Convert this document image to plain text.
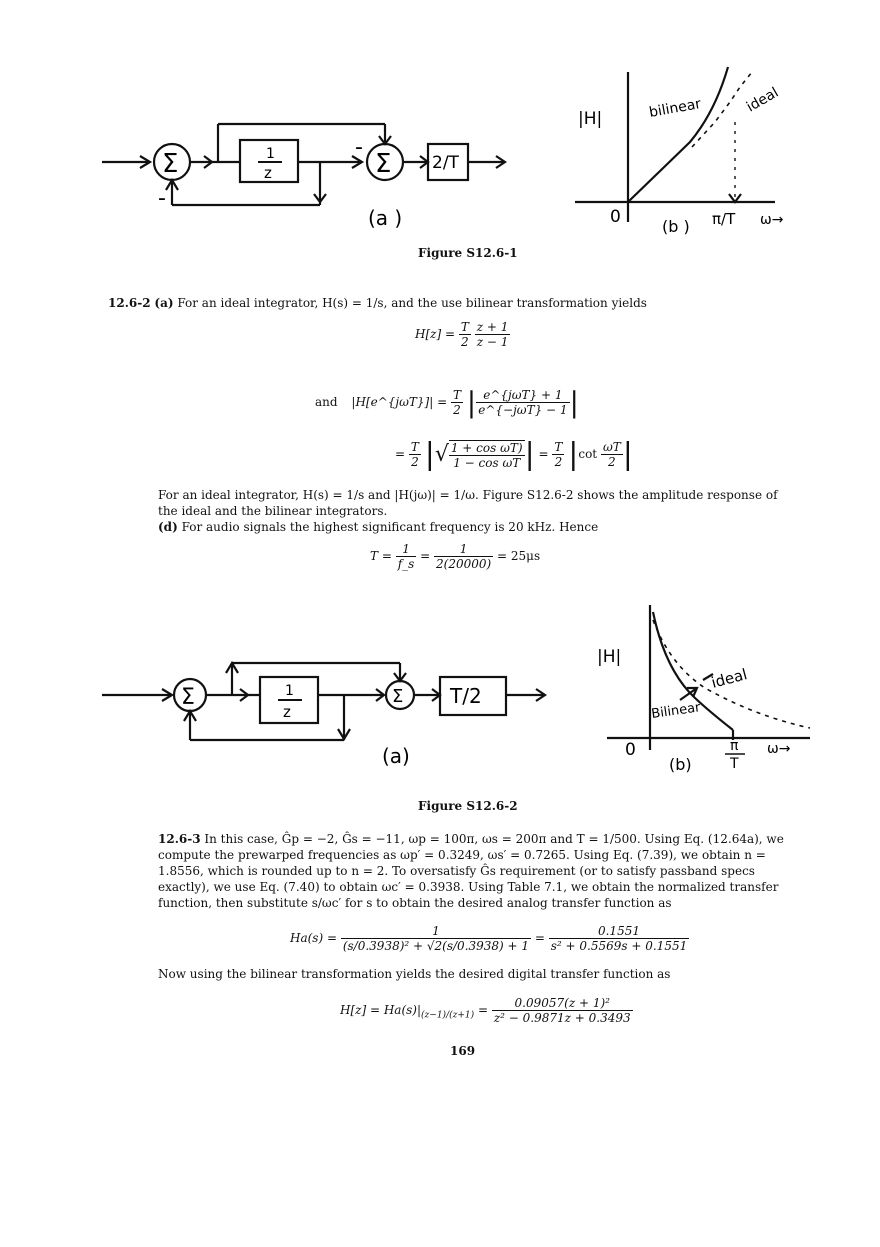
Σ	Σ
-
-
1
z	2/T
(a )
|H|	bilinear	ideal
0	π/T ω→
(b )
Figure S12.6-1
12.6-2 (a) For an ideal integrator, H(s) = 1/s, and the use bilinear transformation yields
$H[z] = \frac{T}{2}$
$\frac{z + 1}{z - 1}$
and |H[e^{jωT}]| = $\frac{T}{2}$ | $\frac{\text{e\textasciicircum{}\{jωT\} + 1}}{\text{e\textasciicircum{}\{−jωT\} − 1}}$ |
= $\frac{T}{2}$ |√ $\frac{\text{1 + cos ωT)}}{\text{1 − cos ωT}}$ | = $\frac{T}{2} |\cot \frac{\omega T}{2}$ |
For an ideal integrator, H(s) = 1/s and |H(jω)| = 1/ω. Figure S12.6-2 shows the amplitude response of the ideal and the bilinear integrators.
(d) For audio signals the highest significant frequency is 20 kHz. Hence
$T = \frac{1}{f\_s} = \frac{1}{2(20000)} = 25\mu s$
Σ	Σ
1
z
T/2
(a)
|H|
ideal
Bilinear
0	π
T
ω→
(b)
Figure S12.6-2
12.6-3 In this case, Ĝp = −2, Ĝs = −11, ωp = 100π, ωs = 200π and T = 1/500. Using Eq. (12.64a), we compute the prewarped frequencies as ωp′ = 0.3249, ωs′ = 0.7265. Using Eq. (7.39), we obtain n = 1.8556, which is rounded up to n = 2. To oversatisfy Ĝs requirement (or to satisfy passband specs exactly), we use Eq. (7.40) to obtain ωc′ = 0.3938. Using Table 7.1, we obtain the normalized transfer function, then substitute s/ωc′ for s to obtain the desired analog transfer function as
$Ha(s) = \frac{1}{\text{(s/0.3938)² + √2(s/0.3938) + 1}} = \frac{0.1551}{\text{s² + 0.5569s + 0.1551}}$
Now using the bilinear transformation yields the desired digital transfer function as
$H[z] = Ha(s)|_{(z-1)/(z+1)} = \frac{\text{0.09057(z + 1)²}}{\text{z² − 0.9871z + 0.3493}}$
169
